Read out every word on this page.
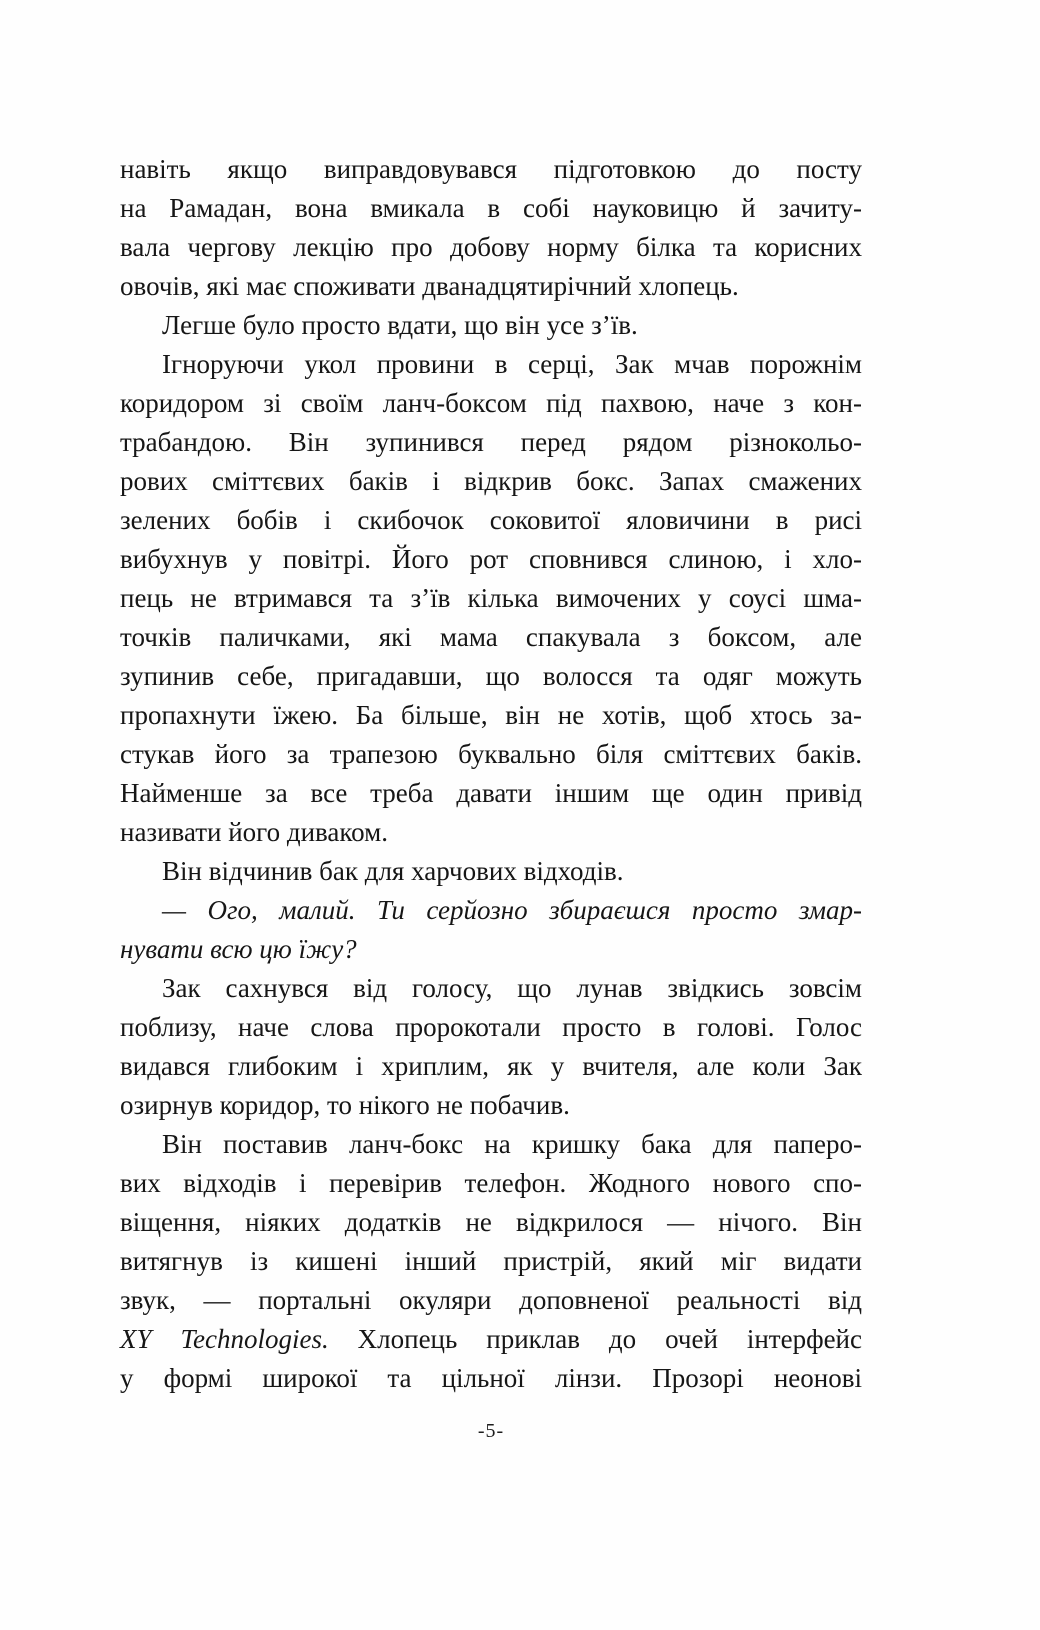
навіть якщо виправдовувався підготовкою до посту
на Рамадан, вона вмикала в собі науковицю й зачиту-
вала чергову лекцію про добову норму білка та корисних
овочів, які має споживати дванадцятирічний хлопець.
Легше було просто вдати, що він усе з’їв.
Ігноруючи укол провини в серці, Зак мчав порожнім
коридором зі своїм ланч-боксом під пахвою, наче з кон-
трабандою. Він зупинився перед рядом різнокольо-
рових сміттєвих баків і відкрив бокс. Запах смажених
зелених бобів і скибочок соковитої яловичини в рисі
вибухнув у повітрі. Його рот сповнився слиною, і хло-
пець не втримався та з’їв кілька вимочених у соусі шма-
точків паличками, які мама спакувала з боксом, але
зупинив себе, пригадавши, що волосся та одяг можуть
пропахнути їжею. Ба більше, він не хотів, щоб хтось за-
стукав його за трапезою буквально біля сміттєвих баків.
Найменше за все треба давати іншим ще один привід
називати його диваком.
Він відчинив бак для харчових відходів.
— Ого, малий. Ти серйозно збираєшся просто змар-
нувати всю цю їжу?
Зак сахнувся від голосу, що лунав звідкись зовсім
поблизу, наче слова пророкотали просто в голові. Голос
видався глибоким і хриплим, як у вчителя, але коли Зак
озирнув коридор, то нікого не побачив.
Він поставив ланч-бокс на кришку бака для паперо-
вих відходів і перевірив телефон. Жодного нового спо-
віщення, ніяких додатків не відкрилося — нічого. Він
витягнув із кишені інший пристрій, який міг видати
звук, — портальні окуляри доповненої реальності від
XY Technologies. Хлопець приклав до очей інтерфейс
у формі широкої та цільної лінзи. Прозорі неонові
-5-
